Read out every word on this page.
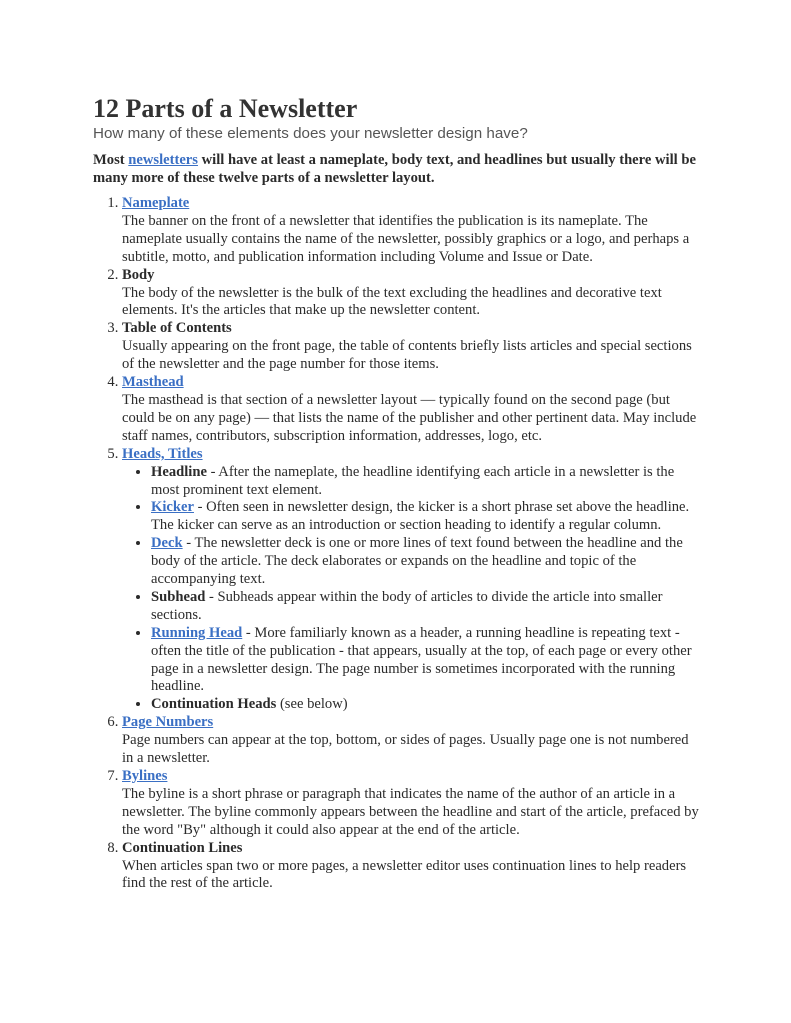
12 Parts of a Newsletter

How many of these elements does your newsletter design have?

Most newsletters will have at least a nameplate, body text, and headlines but usually there will be many more of these twelve parts of a newsletter layout.

1. Nameplate
The banner on the front of a newsletter that identifies the publication is its nameplate. The nameplate usually contains the name of the newsletter, possibly graphics or a logo, and perhaps a subtitle, motto, and publication information including Volume and Issue or Date.
2. Body
The body of the newsletter is the bulk of the text excluding the headlines and decorative text elements. It's the articles that make up the newsletter content.
3. Table of Contents
Usually appearing on the front page, the table of contents briefly lists articles and special sections of the newsletter and the page number for those items.
4. Masthead
The masthead is that section of a newsletter layout — typically found on the second page (but could be on any page) — that lists the name of the publisher and other pertinent data. May include staff names, contributors, subscription information, addresses, logo, etc.
5. Heads, Titles
• Headline - After the nameplate, the headline identifying each article in a newsletter is the most prominent text element.
• Kicker - Often seen in newsletter design, the kicker is a short phrase set above the headline. The kicker can serve as an introduction or section heading to identify a regular column.
• Deck - The newsletter deck is one or more lines of text found between the headline and the body of the article. The deck elaborates or expands on the headline and topic of the accompanying text.
• Subhead - Subheads appear within the body of articles to divide the article into smaller sections.
• Running Head - More familiarly known as a header, a running headline is repeating text - often the title of the publication - that appears, usually at the top, of each page or every other page in a newsletter design. The page number is sometimes incorporated with the running headline.
• Continuation Heads (see below)
6. Page Numbers
Page numbers can appear at the top, bottom, or sides of pages. Usually page one is not numbered in a newsletter.
7. Bylines
The byline is a short phrase or paragraph that indicates the name of the author of an article in a newsletter. The byline commonly appears between the headline and start of the article, prefaced by the word "By" although it could also appear at the end of the article.
8. Continuation Lines
When articles span two or more pages, a newsletter editor uses continuation lines to help readers find the rest of the article.
